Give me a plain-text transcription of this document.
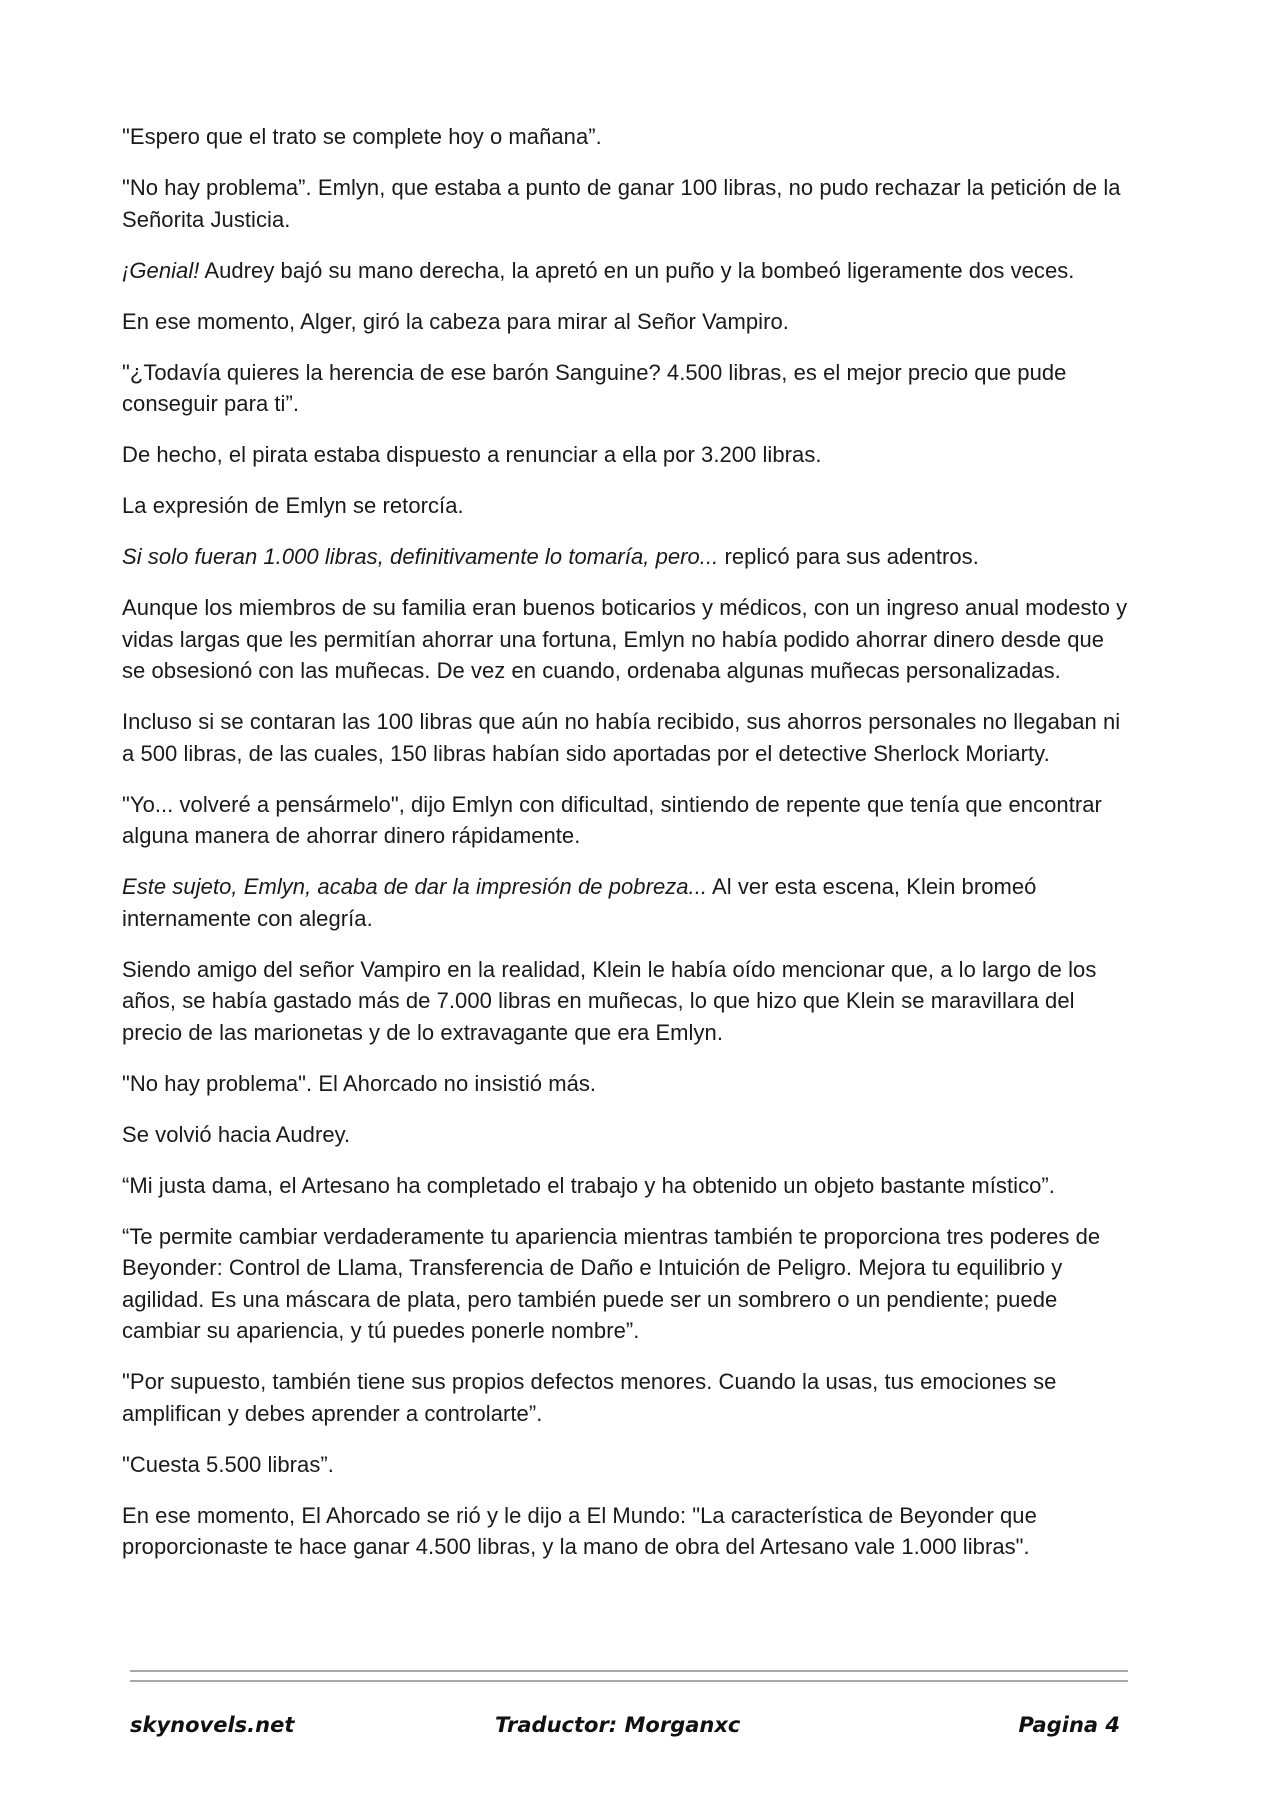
"Espero que el trato se complete hoy o mañana”.

"No hay problema”. Emlyn, que estaba a punto de ganar 100 libras, no pudo rechazar la petición de la Señorita Justicia.

¡Genial! Audrey bajó su mano derecha, la apretó en un puño y la bombeó ligeramente dos veces.

En ese momento, Alger, giró la cabeza para mirar al Señor Vampiro.

"¿Todavía quieres la herencia de ese barón Sanguine? 4.500 libras, es el mejor precio que pude conseguir para ti”.

De hecho, el pirata estaba dispuesto a renunciar a ella por 3.200 libras.

La expresión de Emlyn se retorcía.

Si solo fueran 1.000 libras, definitivamente lo tomaría, pero... replicó para sus adentros.

Aunque los miembros de su familia eran buenos boticarios y médicos, con un ingreso anual modesto y vidas largas que les permitían ahorrar una fortuna, Emlyn no había podido ahorrar dinero desde que se obsesionó con las muñecas. De vez en cuando, ordenaba algunas muñecas personalizadas.

Incluso si se contaran las 100 libras que aún no había recibido, sus ahorros personales no llegaban ni a 500 libras, de las cuales, 150 libras habían sido aportadas por el detective Sherlock Moriarty.

"Yo... volveré a pensármelo", dijo Emlyn con dificultad, sintiendo de repente que tenía que encontrar alguna manera de ahorrar dinero rápidamente.

Este sujeto, Emlyn, acaba de dar la impresión de pobreza... Al ver esta escena, Klein bromeó internamente con alegría.

Siendo amigo del señor Vampiro en la realidad, Klein le había oído mencionar que, a lo largo de los años, se había gastado más de 7.000 libras en muñecas, lo que hizo que Klein se maravillara del precio de las marionetas y de lo extravagante que era Emlyn.

"No hay problema". El Ahorcado no insistió más.

Se volvió hacia Audrey.

“Mi justa dama, el Artesano ha completado el trabajo y ha obtenido un objeto bastante místico”.

“Te permite cambiar verdaderamente tu apariencia mientras también te proporciona tres poderes de Beyonder: Control de Llama, Transferencia de Daño e Intuición de Peligro. Mejora tu equilibrio y agilidad. Es una máscara de plata, pero también puede ser un sombrero o un pendiente; puede cambiar su apariencia, y tú puedes ponerle nombre”.

"Por supuesto, también tiene sus propios defectos menores. Cuando la usas, tus emociones se amplifican y debes aprender a controlarte”.

"Cuesta 5.500 libras”.

En ese momento, El Ahorcado se rió y le dijo a El Mundo: "La característica de Beyonder que proporcionaste te hace ganar 4.500 libras, y la mano de obra del Artesano vale 1.000 libras".

skynovels.net	Traductor: Morganxc	Pagina 4
